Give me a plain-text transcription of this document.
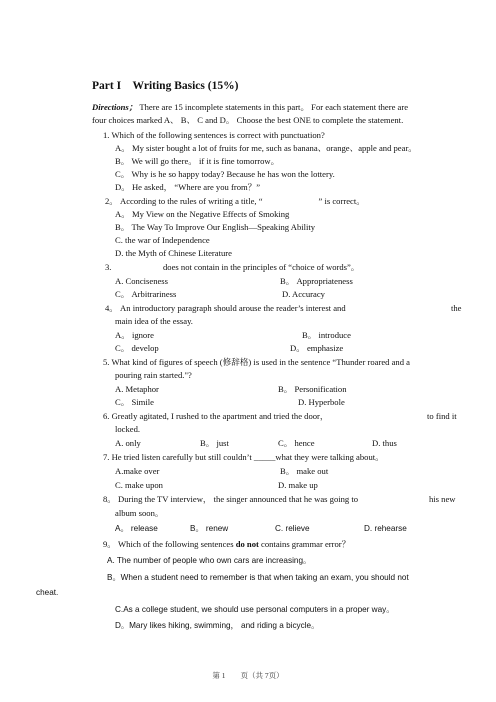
Part I Writing Basics (15%)
Directions； There are 15 incomplete statements in this part。 For each statement there are
four choices marked A、 B、 C and D。 Choose the best ONE to complete the statement.
1. Which of the following sentences is correct with punctuation?
A。 My sister bought a lot of fruits for me, such as banana、orange、apple and pear。
B。 We will go there。 if it is fine tomorrow。
C。 Why is he so happy today? Because he has won the lottery.
D。 He asked， “Where are you from？”
2。 According to the rules of writing a title, “	” is correct。
A。 My View on the Negative Effects of Smoking
B。 The Way To Improve Our English—Speaking Ability
C. the war of Independence
D. the Myth of Chinese Literature
3.	does not contain in the principles of “choice of words”。
A. Conciseness	B。 Appropriateness
C。 Arbitrariness	D. Accuracy
4。 An introductory paragraph should arouse the reader’s interest and	the
main idea of the essay.
A。 ignore	B。 introduce
C。 develop	D。 emphasize
5. What kind of figures of speech (修辞格) is used in the sentence “Thunder roared and a
pouring rain started."?
A. Metaphor	B。 Personification
C。 Simile	D. Hyperbole
6. Greatly agitated, I rushed to the apartment and tried the door，	to find it
locked.
A. only	B。 just	C。 hence	D. thus
7. He tried listen carefully but still couldn’t _____what they were talking about。
A.make over	B。 make out
C. make upon	D. make up
8。 During the TV interview， the singer announced that he was going to	his new
album soon。
A。 release	B。 renew	C. relieve	D. rehearse
9。 Which of the following sentences do not contains grammar error？
A. The number of people who own cars are increasing。
B。When a student need to remember is that when taking an exam, you should not
cheat.
C.As a college student, we should use personal computers in a proper way。
D。Mary likes hiking, swimming， and riding a bicycle。
第 1　　页（共 7页）
